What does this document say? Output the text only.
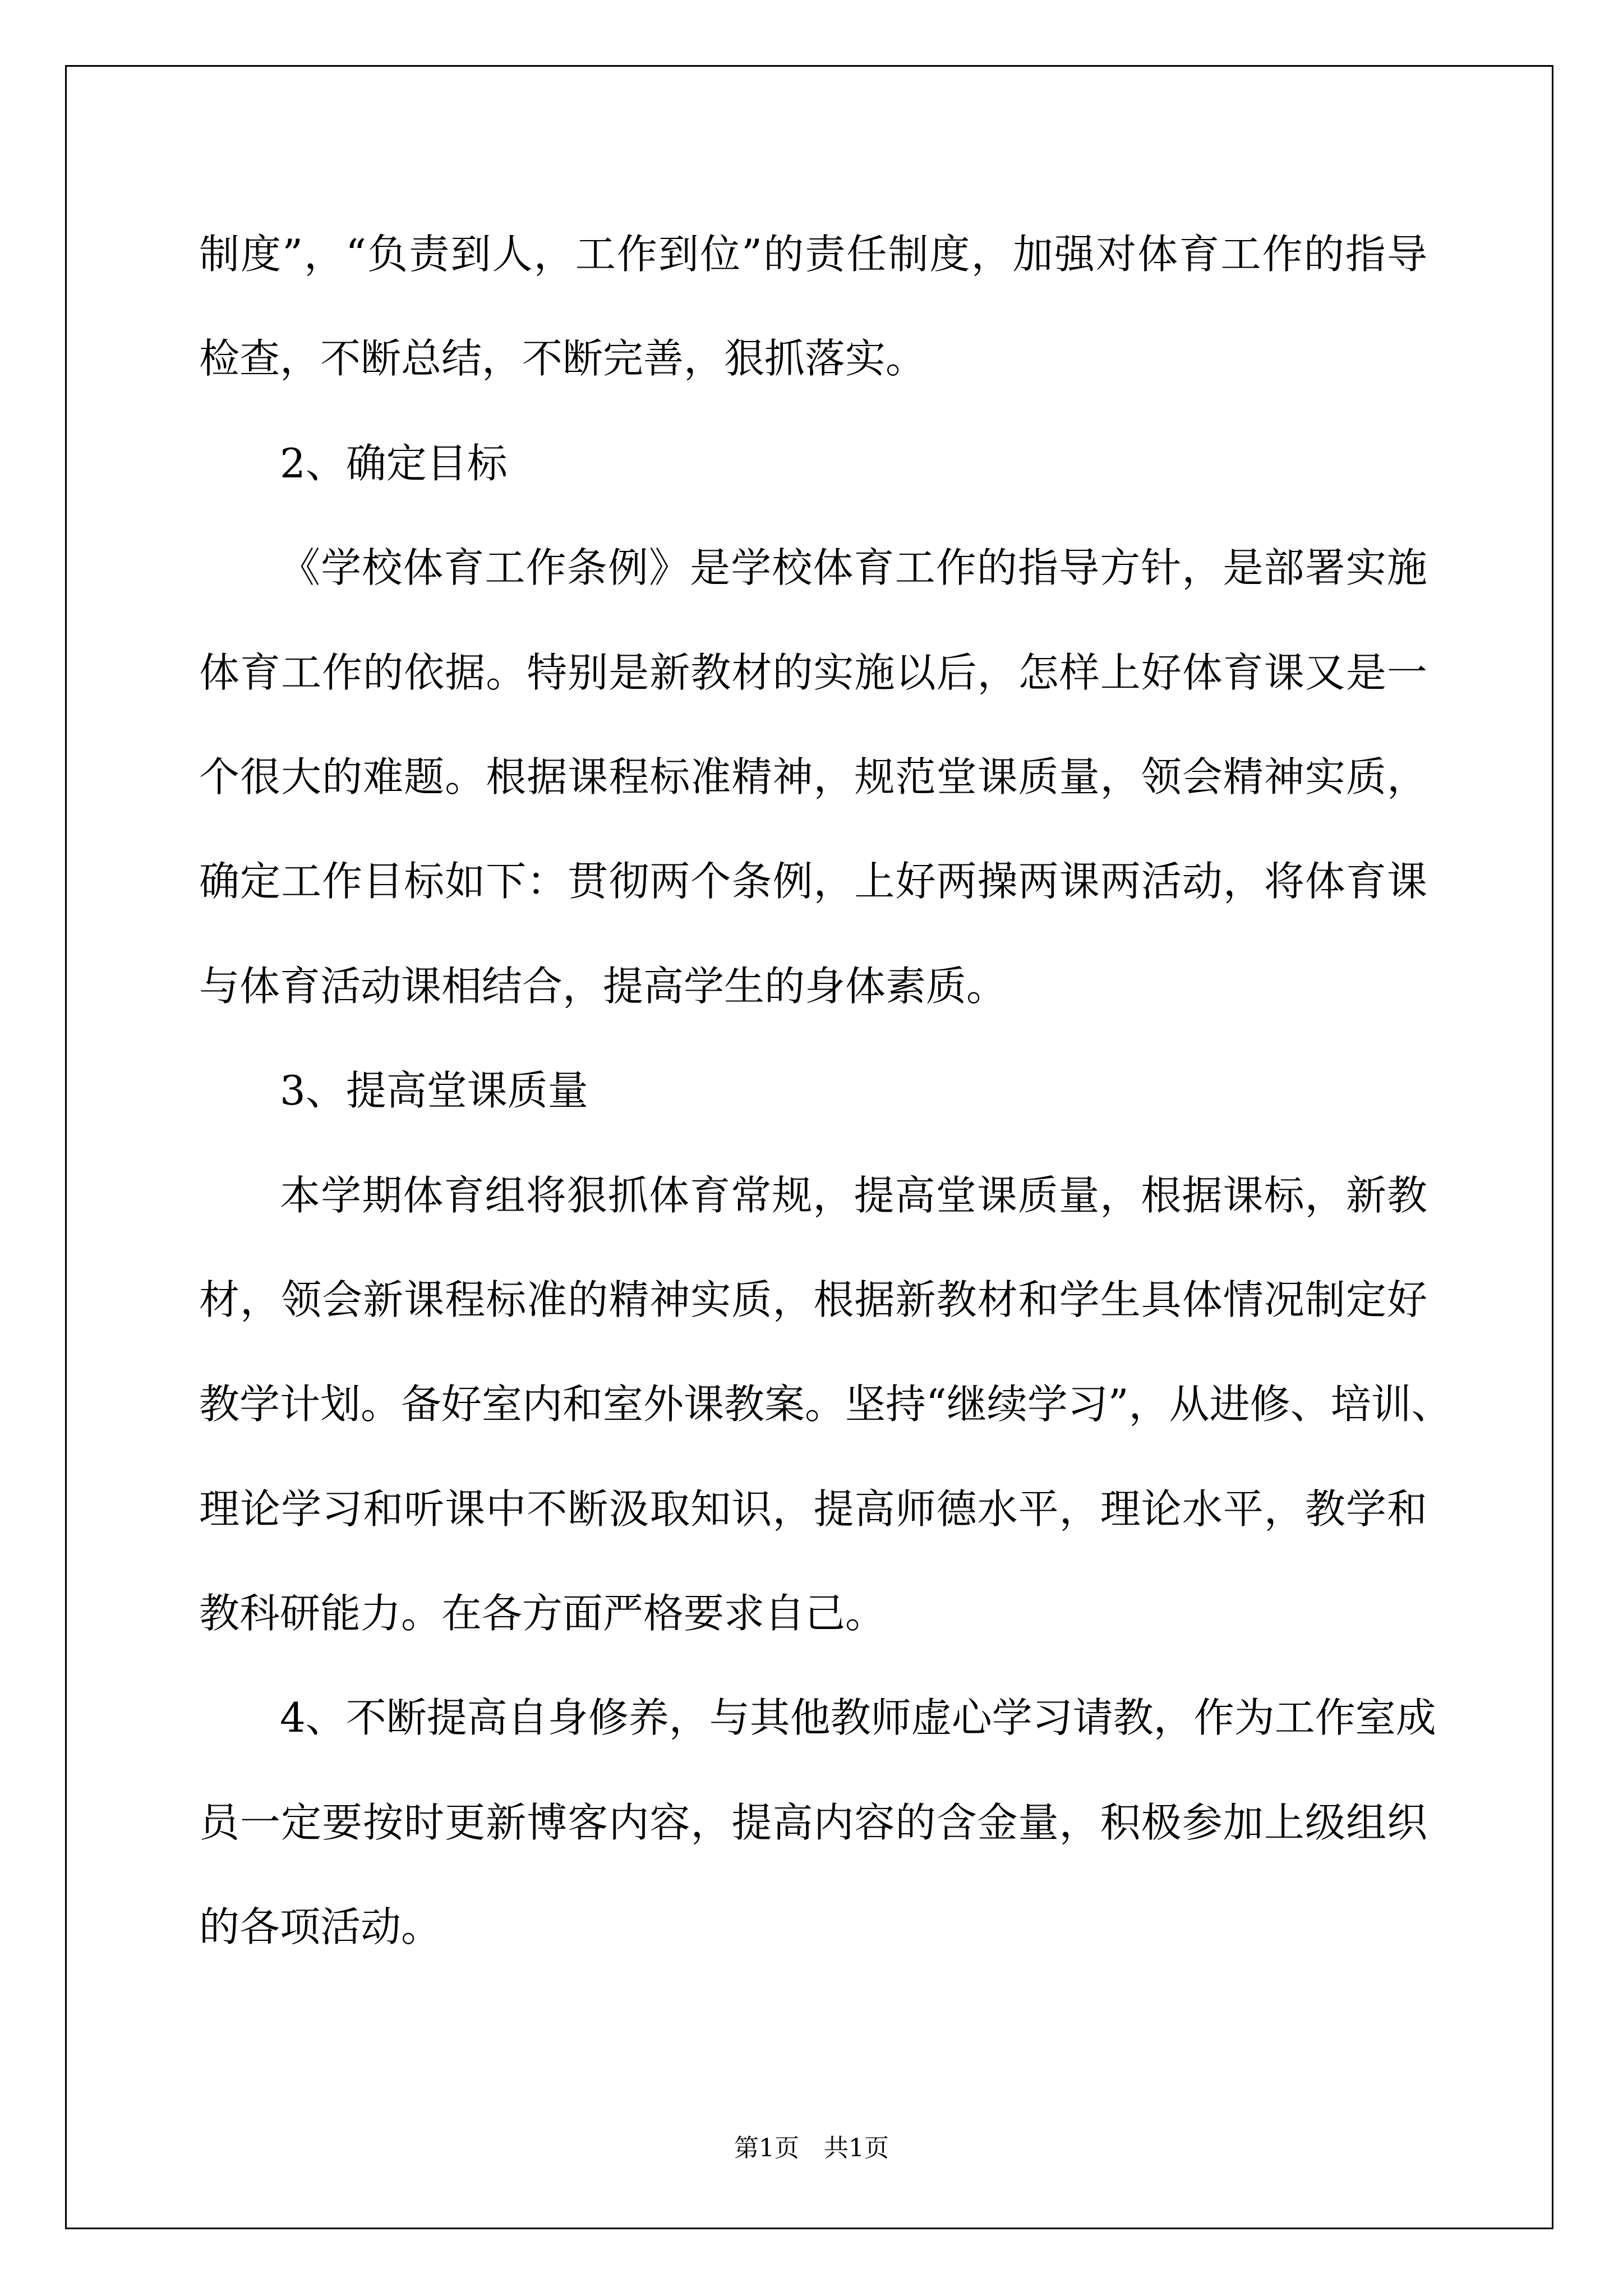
制度”，“负责到人，工作到位”的责任制度，加强对体育工作的指导
检查，不断总结，不断完善，狠抓落实。
2、确定目标
《学校体育工作条例》是学校体育工作的指导方针，是部署实施
体育工作的依据。特别是新教材的实施以后，怎样上好体育课又是一
个很大的难题。根据课程标准精神，规范堂课质量，领会精神实质，
确定工作目标如下：贯彻两个条例，上好两操两课两活动，将体育课
与体育活动课相结合，提高学生的身体素质。
3、提高堂课质量
本学期体育组将狠抓体育常规，提高堂课质量，根据课标，新教
材，领会新课程标准的精神实质，根据新教材和学生具体情况制定好
教学计划。备好室内和室外课教案。坚持“继续学习”，从进修、培训、
理论学习和听课中不断汲取知识，提高师德水平，理论水平，教学和
教科研能力。在各方面严格要求自己。
4、不断提高自身修养，与其他教师虚心学习请教，作为工作室成
员一定要按时更新博客内容，提高内容的含金量，积极参加上级组织
的各项活动。
第1页　共1页
